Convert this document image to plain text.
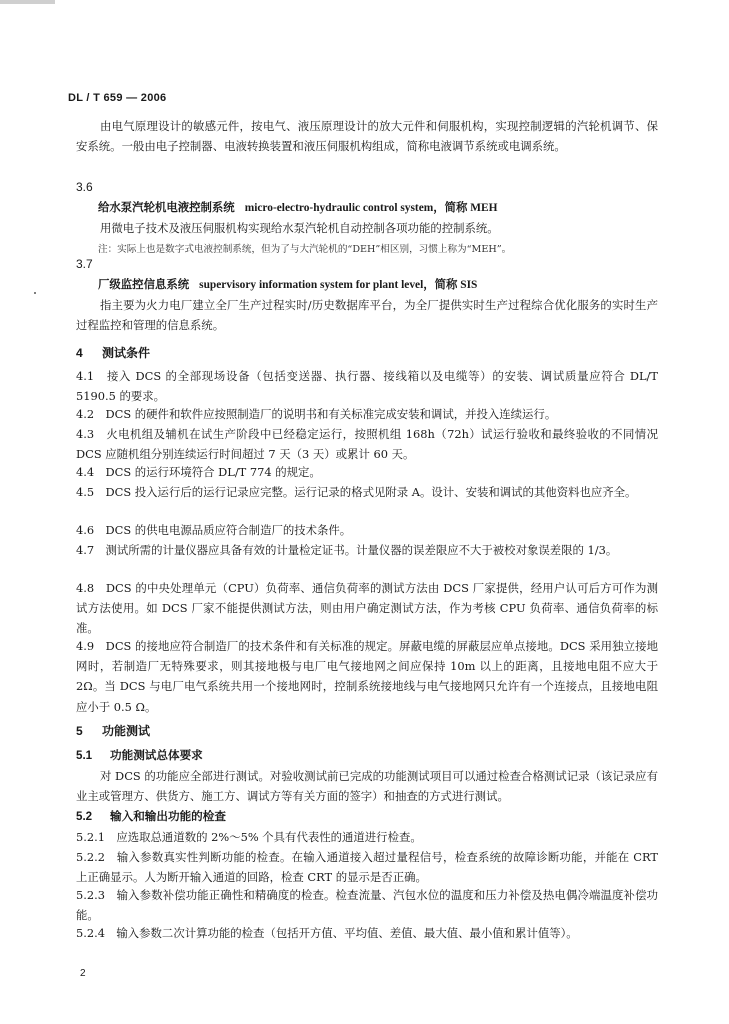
DL / T 659 — 2006
由电气原理设计的敏感元件，按电气、液压原理设计的放大元件和伺服机构，实现控制逻辑的汽轮机调节、保安系统。一般由电子控制器、电液转换装置和液压伺服机构组成，简称电液调节系统或电调系统。
3.6
给水泵汽轮机电液控制系统 micro-electro-hydraulic control system，简称 MEH
用微电子技术及液压伺服机构实现给水泵汽轮机自动控制各项功能的控制系统。
注：实际上也是数字式电液控制系统，但为了与大汽轮机的“DEH”相区别，习惯上称为“MEH”。
3.7
厂级监控信息系统 supervisory information system for plant level，简称 SIS
指主要为火力电厂建立全厂生产过程实时/历史数据库平台，为全厂提供实时生产过程综合优化服务的实时生产过程监控和管理的信息系统。
4 测试条件
4.1　接入 DCS 的全部现场设备（包括变送器、执行器、接线箱以及电缆等）的安装、调试质量应符合 DL/T 5190.5 的要求。
4.2　DCS 的硬件和软件应按照制造厂的说明书和有关标准完成安装和调试，并投入连续运行。
4.3　火电机组及辅机在试生产阶段中已经稳定运行，按照机组 168h（72h）试运行验收和最终验收的不同情况 DCS 应随机组分别连续运行时间超过 7 天（3 天）或累计 60 天。
4.4　DCS 的运行环境符合 DL/T 774 的规定。
4.5　DCS 投入运行后的运行记录应完整。运行记录的格式见附录 A。设计、安装和调试的其他资料也应齐全。
4.6　DCS 的供电电源品质应符合制造厂的技术条件。
4.7　测试所需的计量仪器应具备有效的计量检定证书。计量仪器的误差限应不大于被校对象误差限的 1/3。
4.8　DCS 的中央处理单元（CPU）负荷率、通信负荷率的测试方法由 DCS 厂家提供，经用户认可后方可作为测试方法使用。如 DCS 厂家不能提供测试方法，则由用户确定测试方法，作为考核 CPU 负荷率、通信负荷率的标准。
4.9　DCS 的接地应符合制造厂的技术条件和有关标准的规定。屏蔽电缆的屏蔽层应单点接地。DCS 采用独立接地网时，若制造厂无特殊要求，则其接地极与电厂电气接地网之间应保持 10m 以上的距离，且接地电阻不应大于 2Ω。当 DCS 与电厂电气系统共用一个接地网时，控制系统接地线与电气接地网只允许有一个连接点，且接地电阻应小于 0.5 Ω。
5 功能测试
5.1 功能测试总体要求
对 DCS 的功能应全部进行测试。对验收测试前已完成的功能测试项目可以通过检查合格测试记录（该记录应有业主或管理方、供货方、施工方、调试方等有关方面的签字）和抽查的方式进行测试。
5.2 输入和输出功能的检查
5.2.1　应选取总通道数的 2%～5% 个具有代表性的通道进行检查。
5.2.2　输入参数真实性判断功能的检查。在输入通道接入超过量程信号，检查系统的故障诊断功能，并能在 CRT 上正确显示。人为断开输入通道的回路，检查 CRT 的显示是否正确。
5.2.3　输入参数补偿功能正确性和精确度的检查。检查流量、汽包水位的温度和压力补偿及热电偶冷端温度补偿功能。
5.2.4　输入参数二次计算功能的检查（包括开方值、平均值、差值、最大值、最小值和累计值等）。
2
